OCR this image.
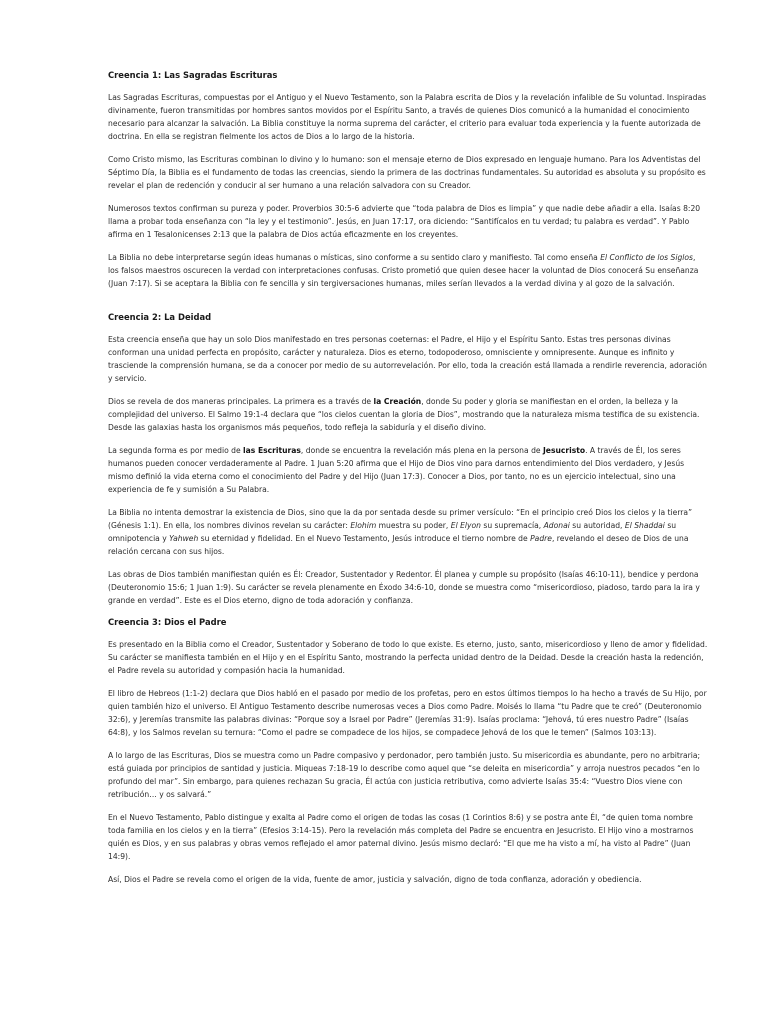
Creencia 1: Las Sagradas Escrituras

Las Sagradas Escrituras, compuestas por el Antiguo y el Nuevo Testamento, son la Palabra escrita de Dios y la revelación infalible de Su voluntad. Inspiradas divinamente, fueron transmitidas por hombres santos movidos por el Espíritu Santo, a través de quienes Dios comunicó a la humanidad el conocimiento necesario para alcanzar la salvación. La Biblia constituye la norma suprema del carácter, el criterio para evaluar toda experiencia y la fuente autorizada de doctrina. En ella se registran fielmente los actos de Dios a lo largo de la historia.

Como Cristo mismo, las Escrituras combinan lo divino y lo humano: son el mensaje eterno de Dios expresado en lenguaje humano. Para los Adventistas del Séptimo Día, la Biblia es el fundamento de todas las creencias, siendo la primera de las doctrinas fundamentales. Su autoridad es absoluta y su propósito es revelar el plan de redención y conducir al ser humano a una relación salvadora con su Creador.

Numerosos textos confirman su pureza y poder. Proverbios 30:5-6 advierte que “toda palabra de Dios es limpia” y que nadie debe añadir a ella. Isaías 8:20 llama a probar toda enseñanza con “la ley y el testimonio”. Jesús, en Juan 17:17, ora diciendo: “Santifícalos en tu verdad; tu palabra es verdad”. Y Pablo afirma en 1 Tesalonicenses 2:13 que la palabra de Dios actúa eficazmente en los creyentes.

La Biblia no debe interpretarse según ideas humanas o místicas, sino conforme a su sentido claro y manifiesto. Tal como enseña El Conflicto de los Siglos, los falsos maestros oscurecen la verdad con interpretaciones confusas. Cristo prometió que quien desee hacer la voluntad de Dios conocerá Su enseñanza (Juan 7:17). Si se aceptara la Biblia con fe sencilla y sin tergiversaciones humanas, miles serían llevados a la verdad divina y al gozo de la salvación.

Creencia 2: La Deidad

Esta creencia enseña que hay un solo Dios manifestado en tres personas coeternas: el Padre, el Hijo y el Espíritu Santo. Estas tres personas divinas conforman una unidad perfecta en propósito, carácter y naturaleza. Dios es eterno, todopoderoso, omnisciente y omnipresente. Aunque es infinito y trasciende la comprensión humana, se da a conocer por medio de su autorrevelación. Por ello, toda la creación está llamada a rendirle reverencia, adoración y servicio.

Dios se revela de dos maneras principales. La primera es a través de la Creación, donde Su poder y gloria se manifiestan en el orden, la belleza y la complejidad del universo. El Salmo 19:1-4 declara que “los cielos cuentan la gloria de Dios”, mostrando que la naturaleza misma testifica de su existencia. Desde las galaxias hasta los organismos más pequeños, todo refleja la sabiduría y el diseño divino.

La segunda forma es por medio de las Escrituras, donde se encuentra la revelación más plena en la persona de Jesucristo. A través de Él, los seres humanos pueden conocer verdaderamente al Padre. 1 Juan 5:20 afirma que el Hijo de Dios vino para darnos entendimiento del Dios verdadero, y Jesús mismo definió la vida eterna como el conocimiento del Padre y del Hijo (Juan 17:3). Conocer a Dios, por tanto, no es un ejercicio intelectual, sino una experiencia de fe y sumisión a Su Palabra.

La Biblia no intenta demostrar la existencia de Dios, sino que la da por sentada desde su primer versículo: “En el principio creó Dios los cielos y la tierra” (Génesis 1:1). En ella, los nombres divinos revelan su carácter: Elohim muestra su poder, El Elyon su supremacía, Adonai su autoridad, El Shaddai su omnipotencia y Yahweh su eternidad y fidelidad. En el Nuevo Testamento, Jesús introduce el tierno nombre de Padre, revelando el deseo de Dios de una relación cercana con sus hijos.

Las obras de Dios también manifiestan quién es Él: Creador, Sustentador y Redentor. Él planea y cumple su propósito (Isaías 46:10-11), bendice y perdona (Deuteronomio 15:6; 1 Juan 1:9). Su carácter se revela plenamente en Éxodo 34:6-10, donde se muestra como “misericordioso, piadoso, tardo para la ira y grande en verdad”. Este es el Dios eterno, digno de toda adoración y confianza.

Creencia 3: Dios el Padre

Es presentado en la Biblia como el Creador, Sustentador y Soberano de todo lo que existe. Es eterno, justo, santo, misericordioso y lleno de amor y fidelidad. Su carácter se manifiesta también en el Hijo y en el Espíritu Santo, mostrando la perfecta unidad dentro de la Deidad. Desde la creación hasta la redención, el Padre revela su autoridad y compasión hacia la humanidad.

El libro de Hebreos (1:1-2) declara que Dios habló en el pasado por medio de los profetas, pero en estos últimos tiempos lo ha hecho a través de Su Hijo, por quien también hizo el universo. El Antiguo Testamento describe numerosas veces a Dios como Padre. Moisés lo llama “tu Padre que te creó” (Deuteronomio 32:6), y Jeremías transmite las palabras divinas: “Porque soy a Israel por Padre” (Jeremías 31:9). Isaías proclama: “Jehová, tú eres nuestro Padre” (Isaías 64:8), y los Salmos revelan su ternura: “Como el padre se compadece de los hijos, se compadece Jehová de los que le temen” (Salmos 103:13).

A lo largo de las Escrituras, Dios se muestra como un Padre compasivo y perdonador, pero también justo. Su misericordia es abundante, pero no arbitraria; está guiada por principios de santidad y justicia. Miqueas 7:18-19 lo describe como aquel que “se deleita en misericordia” y arroja nuestros pecados “en lo profundo del mar”. Sin embargo, para quienes rechazan Su gracia, Él actúa con justicia retributiva, como advierte Isaías 35:4: “Vuestro Dios viene con retribución… y os salvará.”

En el Nuevo Testamento, Pablo distingue y exalta al Padre como el origen de todas las cosas (1 Corintios 8:6) y se postra ante Él, “de quien toma nombre toda familia en los cielos y en la tierra” (Efesios 3:14-15). Pero la revelación más completa del Padre se encuentra en Jesucristo. El Hijo vino a mostrarnos quién es Dios, y en sus palabras y obras vemos reflejado el amor paternal divino. Jesús mismo declaró: “El que me ha visto a mí, ha visto al Padre” (Juan 14:9).

Así, Dios el Padre se revela como el origen de la vida, fuente de amor, justicia y salvación, digno de toda confianza, adoración y obediencia.
